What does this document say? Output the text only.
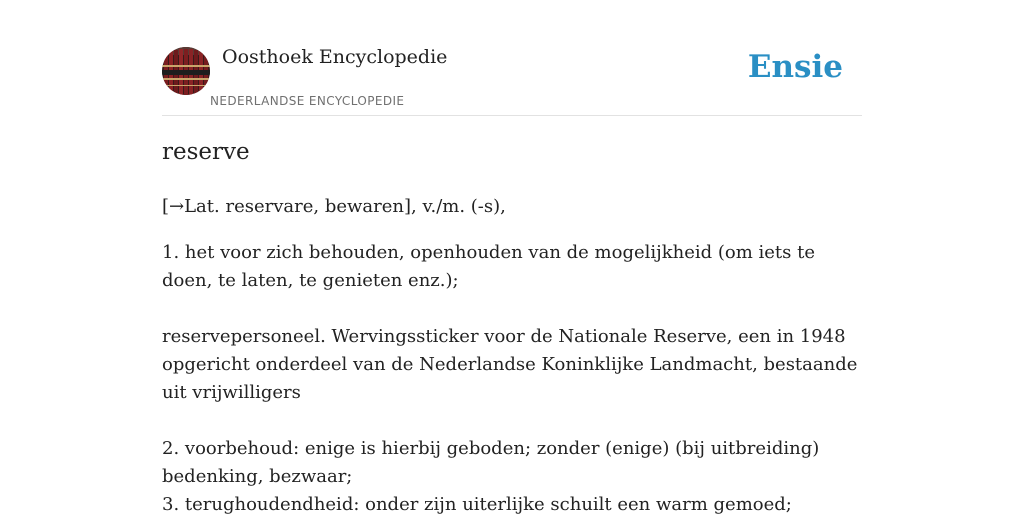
Oosthoek Encyclopedie
NEDERLANDSE ENCYCLOPEDIE
Ensie
reserve
[→Lat. reservare, bewaren], v./m. (-s),

1. het voor zich behouden, openhouden van de mogelijkheid (om iets te doen, te laten, te genieten enz.);

reservepersoneel. Wervingssticker voor de Nationale Reserve, een in 1948 opgericht onderdeel van de Nederlandse Koninklijke Landmacht, bestaande uit vrijwilligers

2. voorbehoud: enige is hierbij geboden; zonder (enige) (bij uitbreiding) bedenking, bezwaar;

3. terughoudendheid: onder zijn uiterlijke schuilt een warm gemoed;
